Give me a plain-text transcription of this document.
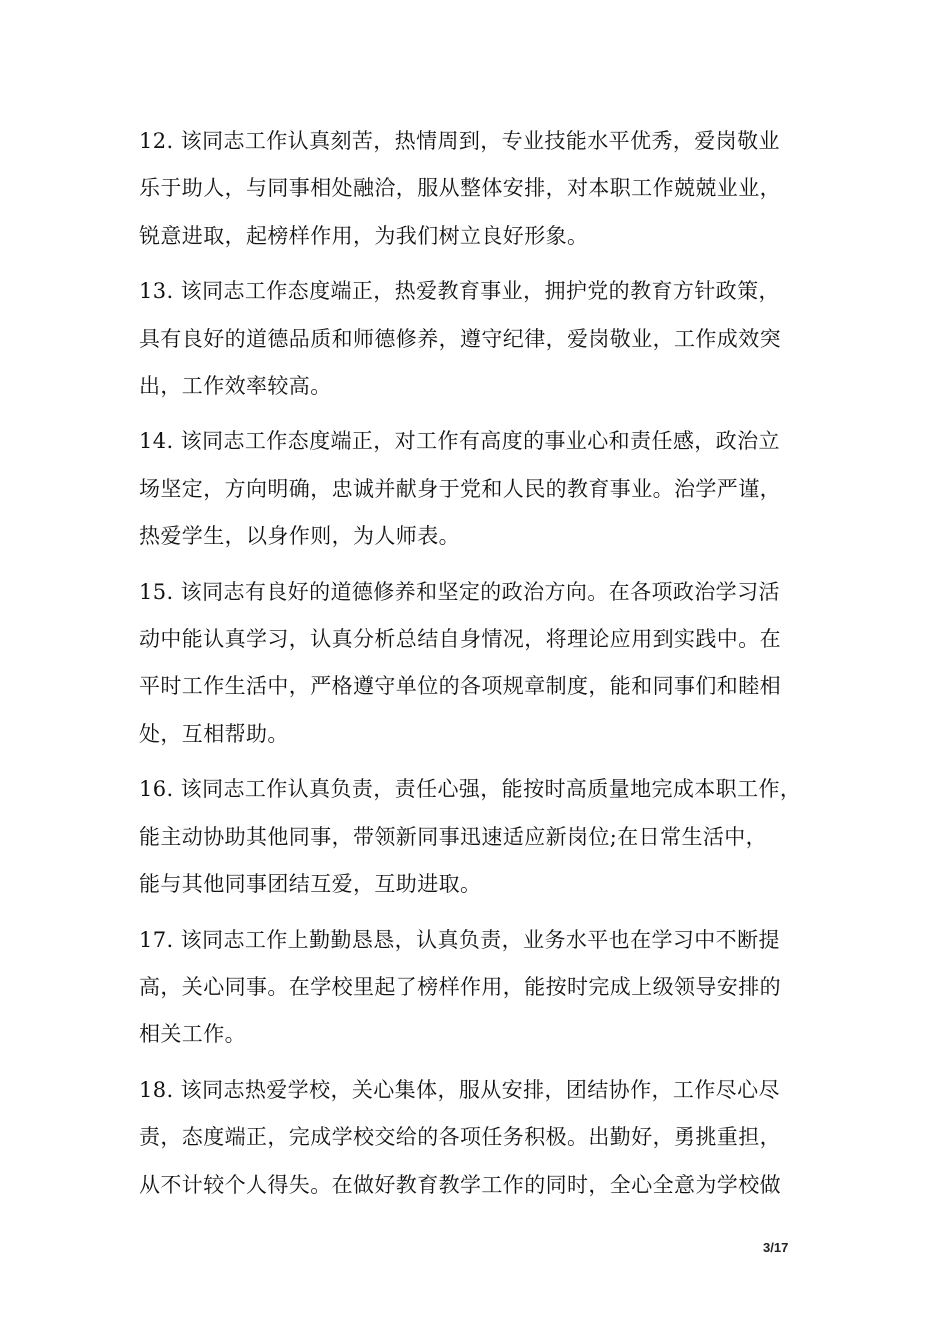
12. 该同志工作认真刻苦，热情周到，专业技能水平优秀，爱岗敬业
乐于助人，与同事相处融洽，服从整体安排，对本职工作兢兢业业，
锐意进取，起榜样作用，为我们树立良好形象。
13. 该同志工作态度端正，热爱教育事业，拥护党的教育方针政策，
具有良好的道德品质和师德修养，遵守纪律，爱岗敬业，工作成效突
出，工作效率较高。
14. 该同志工作态度端正，对工作有高度的事业心和责任感，政治立
场坚定，方向明确，忠诚并献身于党和人民的教育事业。治学严谨，
热爱学生，以身作则，为人师表。
15. 该同志有良好的道德修养和坚定的政治方向。在各项政治学习活
动中能认真学习，认真分析总结自身情况，将理论应用到实践中。在
平时工作生活中，严格遵守单位的各项规章制度，能和同事们和睦相
处，互相帮助。
16. 该同志工作认真负责，责任心强，能按时高质量地完成本职工作，
能主动协助其他同事，带领新同事迅速适应新岗位;在日常生活中，
能与其他同事团结互爱，互助进取。
17. 该同志工作上勤勤恳恳，认真负责，业务水平也在学习中不断提
高，关心同事。在学校里起了榜样作用，能按时完成上级领导安排的
相关工作。
18. 该同志热爱学校，关心集体，服从安排，团结协作，工作尽心尽
责，态度端正，完成学校交给的各项任务积极。出勤好，勇挑重担，
从不计较个人得失。在做好教育教学工作的同时，全心全意为学校做
3/17
